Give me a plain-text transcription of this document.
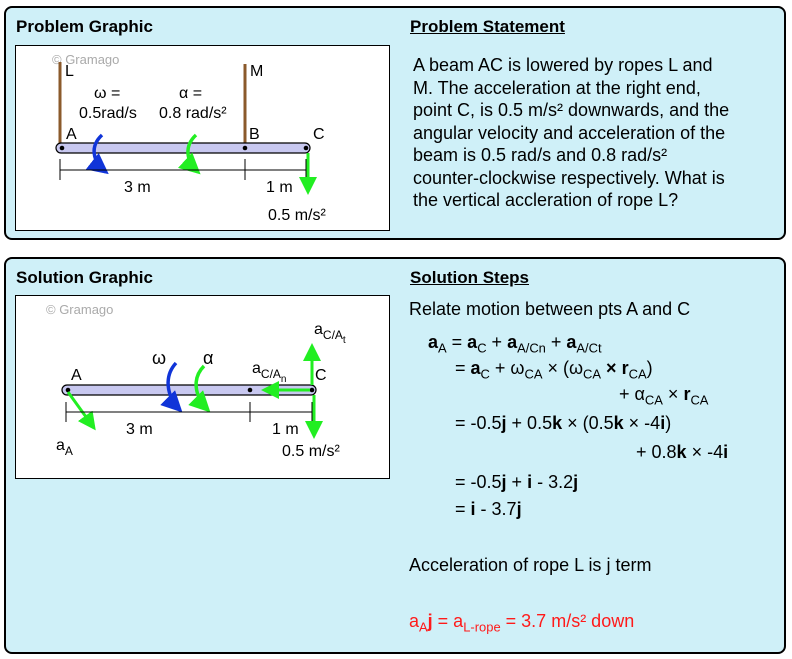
Problem Graphic	Problem Statement
© Gramago
L	M
ω =
0.5rad/s
α =
0.8 rad/s²
A	B	C
3 m	1 m
0.5 m/s²
A beam AC is lowered by ropes L and
M. The acceleration at the right end,
point C, is 0.5 m/s² downwards, and the
angular velocity and acceleration of the
beam is 0.5 rad/s and 0.8 rad/s²
counter-clockwise respectively. What is
the vertical accleration of rope L?
Solution Graphic	Solution Steps
© Gramago
ω α
A	C
$a_{C/At}$
$a_{C/An}$
$a_A$
3 m	1 m
0.5 m/s²
Relate motion between pts A and C
$a_A = a_C + a_{A/Cn} + a_{A/Ct}$
= $a_C + \omega_{CA} \times (\omega_{CA} \times r_{CA})$
+ $\alpha_{CA} \times r_{CA}$
= -0.5j + 0.5k × (0.5k × -4i)
+ 0.8k × -4i
= -0.5j + i - 3.2j
= i - 3.7j
Acceleration of rope L is j term
$a_Aj = a_{L-rope} = 3.7$ m/s² down
